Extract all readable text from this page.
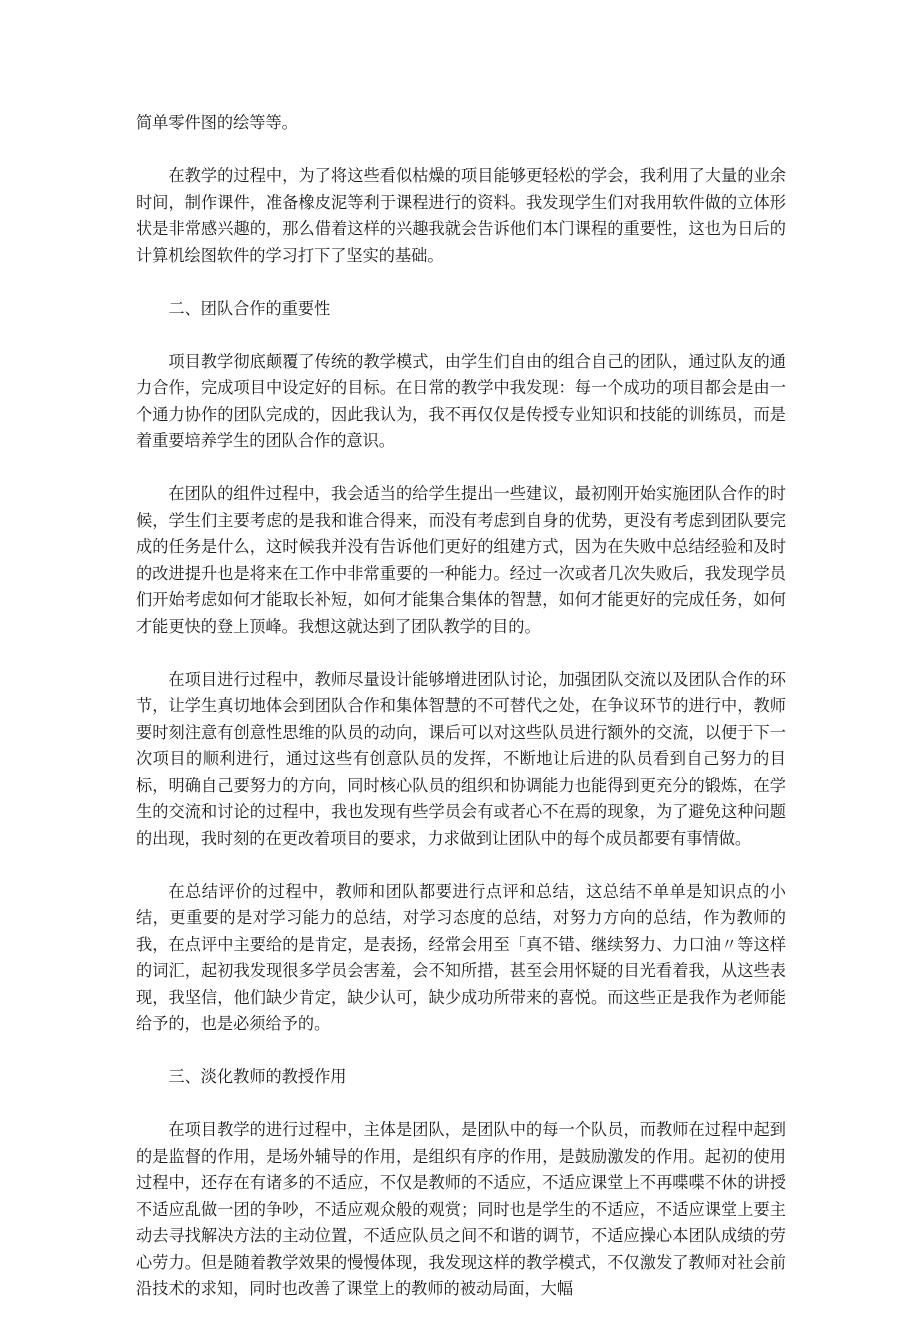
简单零件图的绘等等。

在教学的过程中，为了将这些看似枯燥的项目能够更轻松的学会，我利用了大量的业余时间，制作课件，准备橡皮泥等利于课程进行的资料。我发现学生们对我用软件做的立体形状是非常感兴趣的，那么借着这样的兴趣我就会告诉他们本门课程的重要性，这也为日后的计算机绘图软件的学习打下了坚实的基础。

二、团队合作的重要性

项目教学彻底颠覆了传统的教学模式，由学生们自由的组合自己的团队，通过队友的通力合作，完成项目中设定好的目标。在日常的教学中我发现：每一个成功的项目都会是由一个通力协作的团队完成的，因此我认为，我不再仅仅是传授专业知识和技能的训练员，而是着重要培养学生的团队合作的意识。

在团队的组件过程中，我会适当的给学生提出一些建议，最初刚开始实施团队合作的时候，学生们主要考虑的是我和谁合得来，而没有考虑到自身的优势，更没有考虑到团队要完成的任务是什么，这时候我并没有告诉他们更好的组建方式，因为在失败中总结经验和及时的改进提升也是将来在工作中非常重要的一种能力。经过一次或者几次失败后，我发现学员们开始考虑如何才能取长补短，如何才能集合集体的智慧，如何才能更好的完成任务，如何才能更快的登上顶峰。我想这就达到了团队教学的目的。

在项目进行过程中，教师尽量设计能够增进团队讨论，加强团队交流以及团队合作的环节，让学生真切地体会到团队合作和集体智慧的不可替代之处，在争议环节的进行中，教师要时刻注意有创意性思维的队员的动向，课后可以对这些队员进行额外的交流，以便于下一次项目的顺利进行，通过这些有创意队员的发挥，不断地让后进的队员看到自己努力的目标，明确自己要努力的方向，同时核心队员的组织和协调能力也能得到更充分的锻炼，在学生的交流和讨论的过程中，我也发现有些学员会有或者心不在焉的现象，为了避免这种问题的出现，我时刻的在更改着项目的要求，力求做到让团队中的每个成员都要有事情做。

在总结评价的过程中，教师和团队都要进行点评和总结，这总结不单单是知识点的小结，更重要的是对学习能力的总结，对学习态度的总结，对努力方向的总结，作为教师的我，在点评中主要给的是肯定，是表扬，经常会用至「真不错、继续努力、力口油〃等这样的词汇，起初我发现很多学员会害羞，会不知所措，甚至会用怀疑的目光看着我，从这些表现，我坚信，他们缺少肯定，缺少认可，缺少成功所带来的喜悦。而这些正是我作为老师能给予的，也是必须给予的。

三、淡化教师的教授作用

在项目教学的进行过程中，主体是团队，是团队中的每一个队员，而教师在过程中起到的是监督的作用，是场外辅导的作用，是组织有序的作用，是鼓励激发的作用。起初的使用过程中，还存在有诸多的不适应，不仅是教师的不适应，不适应课堂上不再喋喋不休的讲授不适应乱做一团的争吵，不适应观众般的观赏；同时也是学生的不适应，不适应课堂上要主动去寻找解决方法的主动位置，不适应队员之间不和谐的调节，不适应操心本团队成绩的劳心劳力。但是随着教学效果的慢慢体现，我发现这样的教学模式，不仅激发了教师对社会前沿技术的求知，同时也改善了课堂上的教师的被动局面，大幅
